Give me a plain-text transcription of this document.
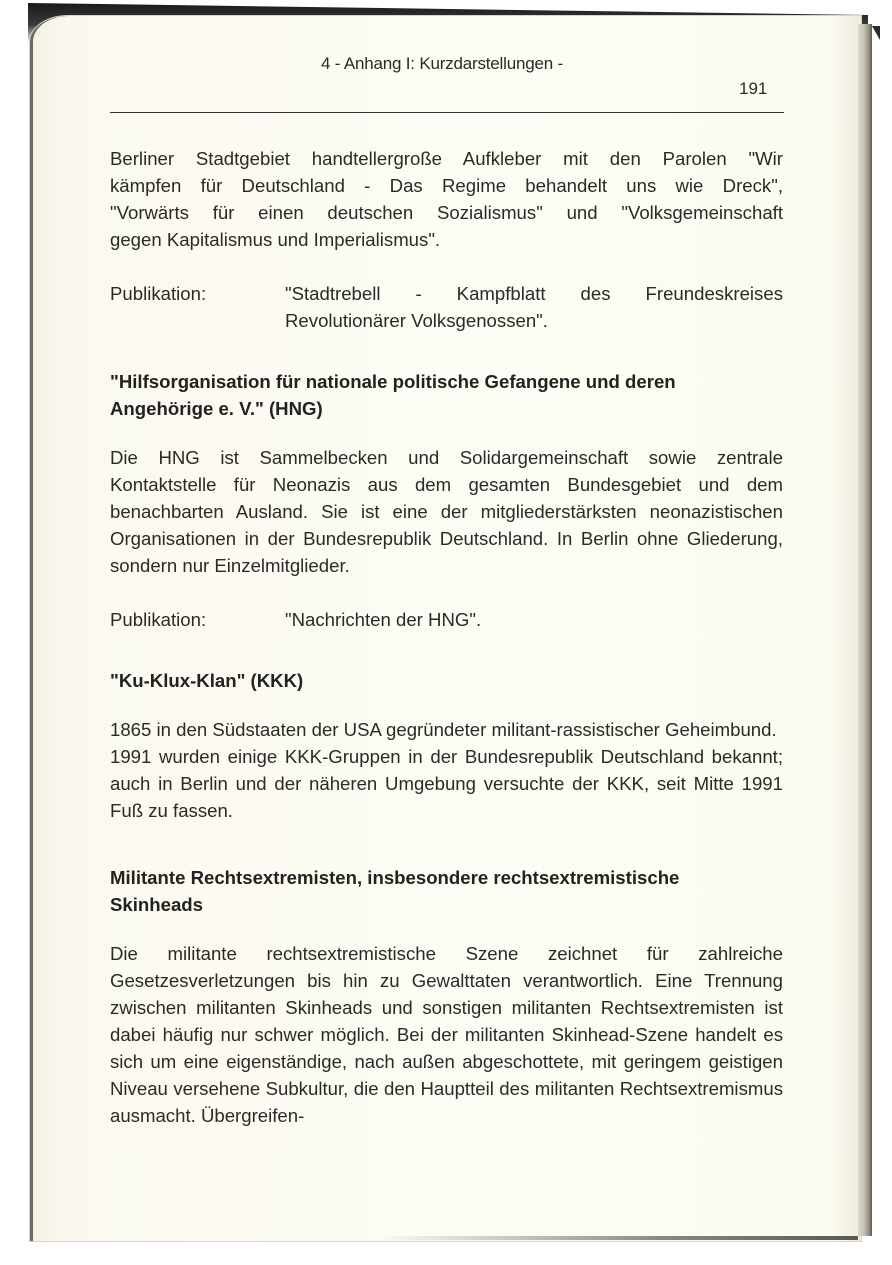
4 - Anhang I: Kurzdarstellungen -
191

Berliner Stadtgebiet handtellergroße Aufkleber mit den Parolen "Wir

kämpfen für Deutschland - Das Regime behandelt uns wie Dreck",

"Vorwärts für einen deutschen Sozialismus" und "Volksgemeinschaft

gegen Kapitalismus und Imperialismus".

Publikation:	"Stadtrebell - Kampfblatt des Freundeskreises Revolutionärer Volksgenossen".
"Hilfsorganisation für nationale politische Gefangene und deren Angehörige e. V." (HNG)

Die HNG ist Sammelbecken und Solidargemeinschaft sowie zentrale Kontaktstelle für Neonazis aus dem gesamten Bundesgebiet und dem benachbarten Ausland. Sie ist eine der mitgliederstärksten neonazistischen Organisationen in der Bundesrepublik Deutschland. In Berlin ohne Gliederung, sondern nur Einzelmitglieder.

Publikation:	"Nachrichten der HNG".
"Ku-Klux-Klan" (KKK)

1865 in den Südstaaten der USA gegründeter militant-rassistischer Geheimbund.

1991 wurden einige KKK-Gruppen in der Bundesrepublik Deutschland bekannt; auch in Berlin und der näheren Umgebung versuchte der KKK, seit Mitte 1991 Fuß zu fassen.

Militante Rechtsextremisten, insbesondere rechtsextremistische Skinheads

Die militante rechtsextremistische Szene zeichnet für zahlreiche Gesetzesverletzungen bis hin zu Gewalttaten verantwortlich. Eine Trennung zwischen militanten Skinheads und sonstigen militanten Rechtsextremisten ist dabei häufig nur schwer möglich. Bei der militanten Skinhead-Szene handelt es sich um eine eigenständige, nach außen abgeschottete, mit geringem geistigen Niveau versehene Subkultur, die den Hauptteil des militanten Rechtsextremismus ausmacht. Übergreifen-
